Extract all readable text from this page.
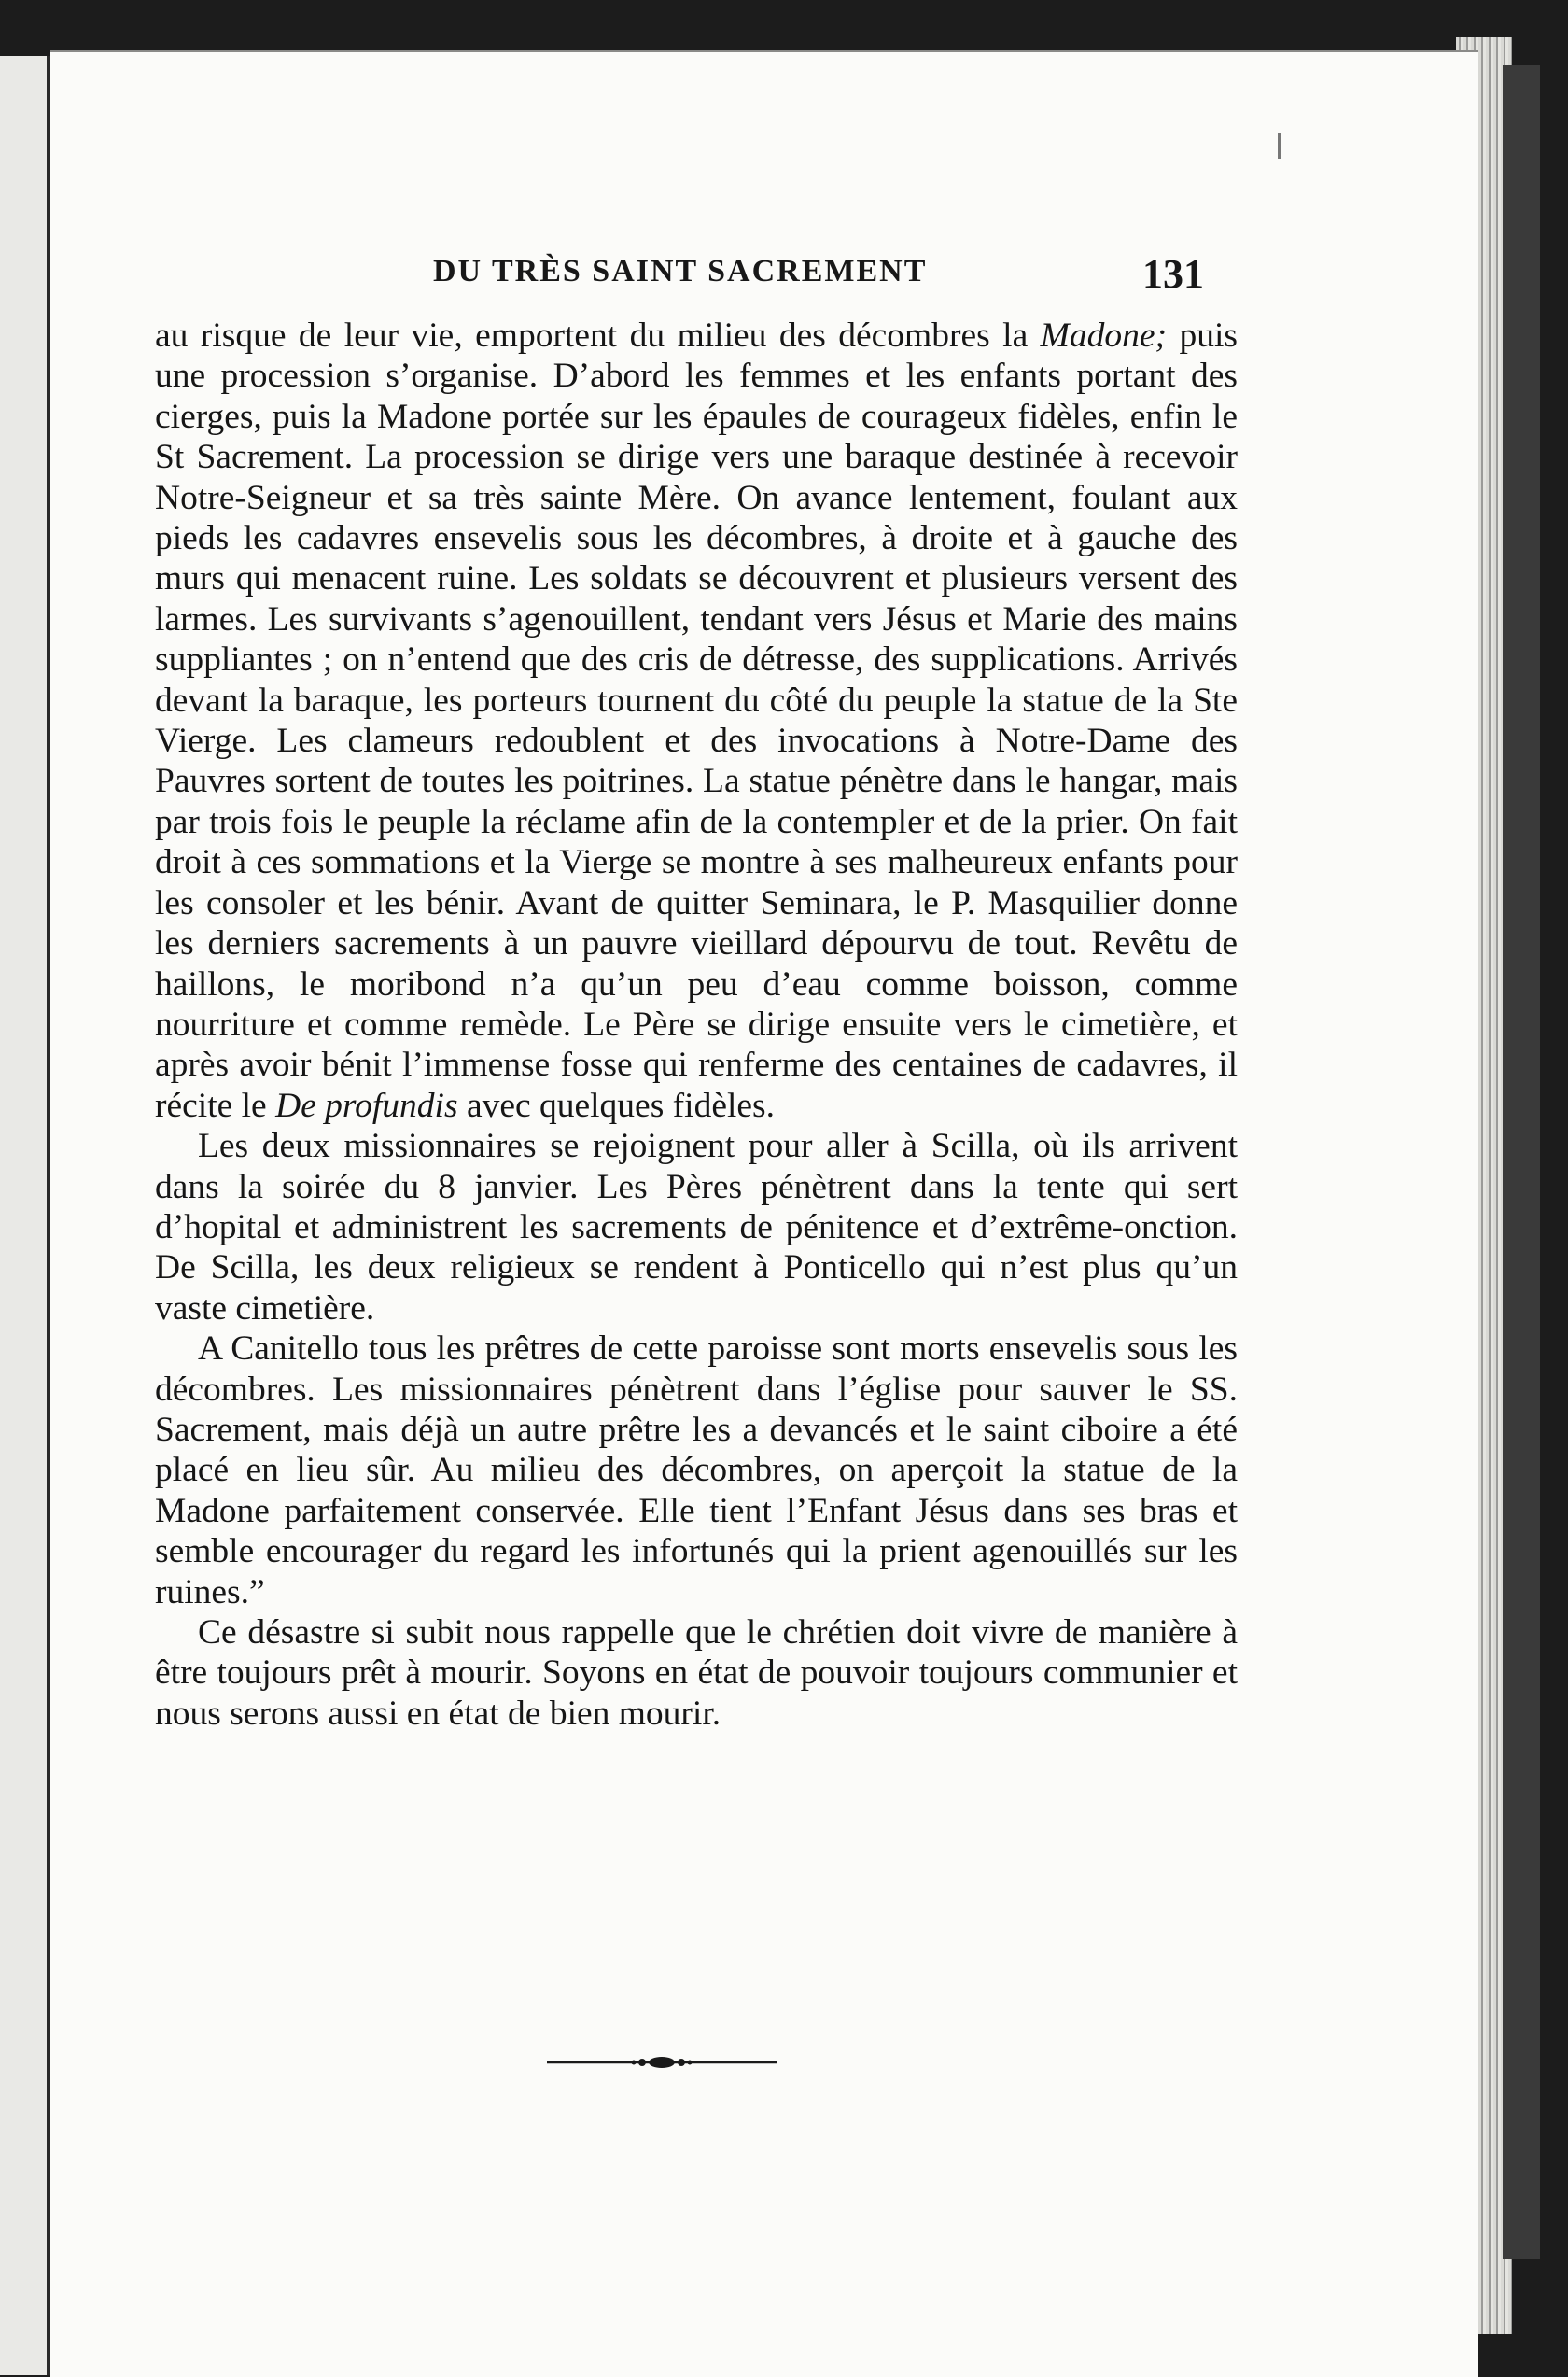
DU TRÈS SAINT SACREMENT	131

au risque de leur vie, emportent du milieu des décombres la Madone; puis une procession s’organise. D’abord les femmes et les enfants portant des cierges, puis la Madone portée sur les épaules de courageux fidèles, enfin le St Sacrement. La procession se dirige vers une baraque destinée à recevoir Notre-Seigneur et sa très sainte Mère. On avance lentement, foulant aux pieds les cadavres ensevelis sous les décombres, à droite et à gauche des murs qui menacent ruine. Les soldats se découvrent et plusieurs versent des larmes. Les survivants s’agenouillent, tendant vers Jésus et Marie des mains suppliantes ; on n’entend que des cris de détresse, des supplications. Arrivés devant la baraque, les porteurs tournent du côté du peuple la statue de la Ste Vierge. Les clameurs redoublent et des invocations à Notre-Dame des Pauvres sortent de toutes les poitrines. La statue pénètre dans le hangar, mais par trois fois le peuple la réclame afin de la contempler et de la prier. On fait droit à ces sommations et la Vierge se montre à ses malheureux enfants pour les consoler et les bénir. Avant de quitter Seminara, le P. Masquilier donne les derniers sacrements à un pauvre vieillard dépourvu de tout. Revêtu de haillons, le moribond n’a qu’un peu d’eau comme boisson, comme nourriture et comme remède. Le Père se dirige ensuite vers le cimetière, et après avoir bénit l’immense fosse qui renferme des centaines de cadavres, il récite le De profundis avec quelques fidèles.

Les deux missionnaires se rejoignent pour aller à Scilla, où ils arrivent dans la soirée du 8 janvier. Les Pères pénètrent dans la tente qui sert d’hopital et administrent les sacrements de pénitence et d’extrême-onction. De Scilla, les deux religieux se rendent à Ponticello qui n’est plus qu’un vaste cimetière.

A Canitello tous les prêtres de cette paroisse sont morts ensevelis sous les décombres. Les missionnaires pénètrent dans l’église pour sauver le SS. Sacrement, mais déjà un autre prêtre les a devancés et le saint ciboire a été placé en lieu sûr. Au milieu des décombres, on aperçoit la statue de la Madone parfaitement conservée. Elle tient l’Enfant Jésus dans ses bras et semble encourager du regard les infortunés qui la prient agenouillés sur les ruines.”

Ce désastre si subit nous rappelle que le chrétien doit vivre de manière à être toujours prêt à mourir. Soyons en état de pouvoir toujours communier et nous serons aussi en état de bien mourir.
